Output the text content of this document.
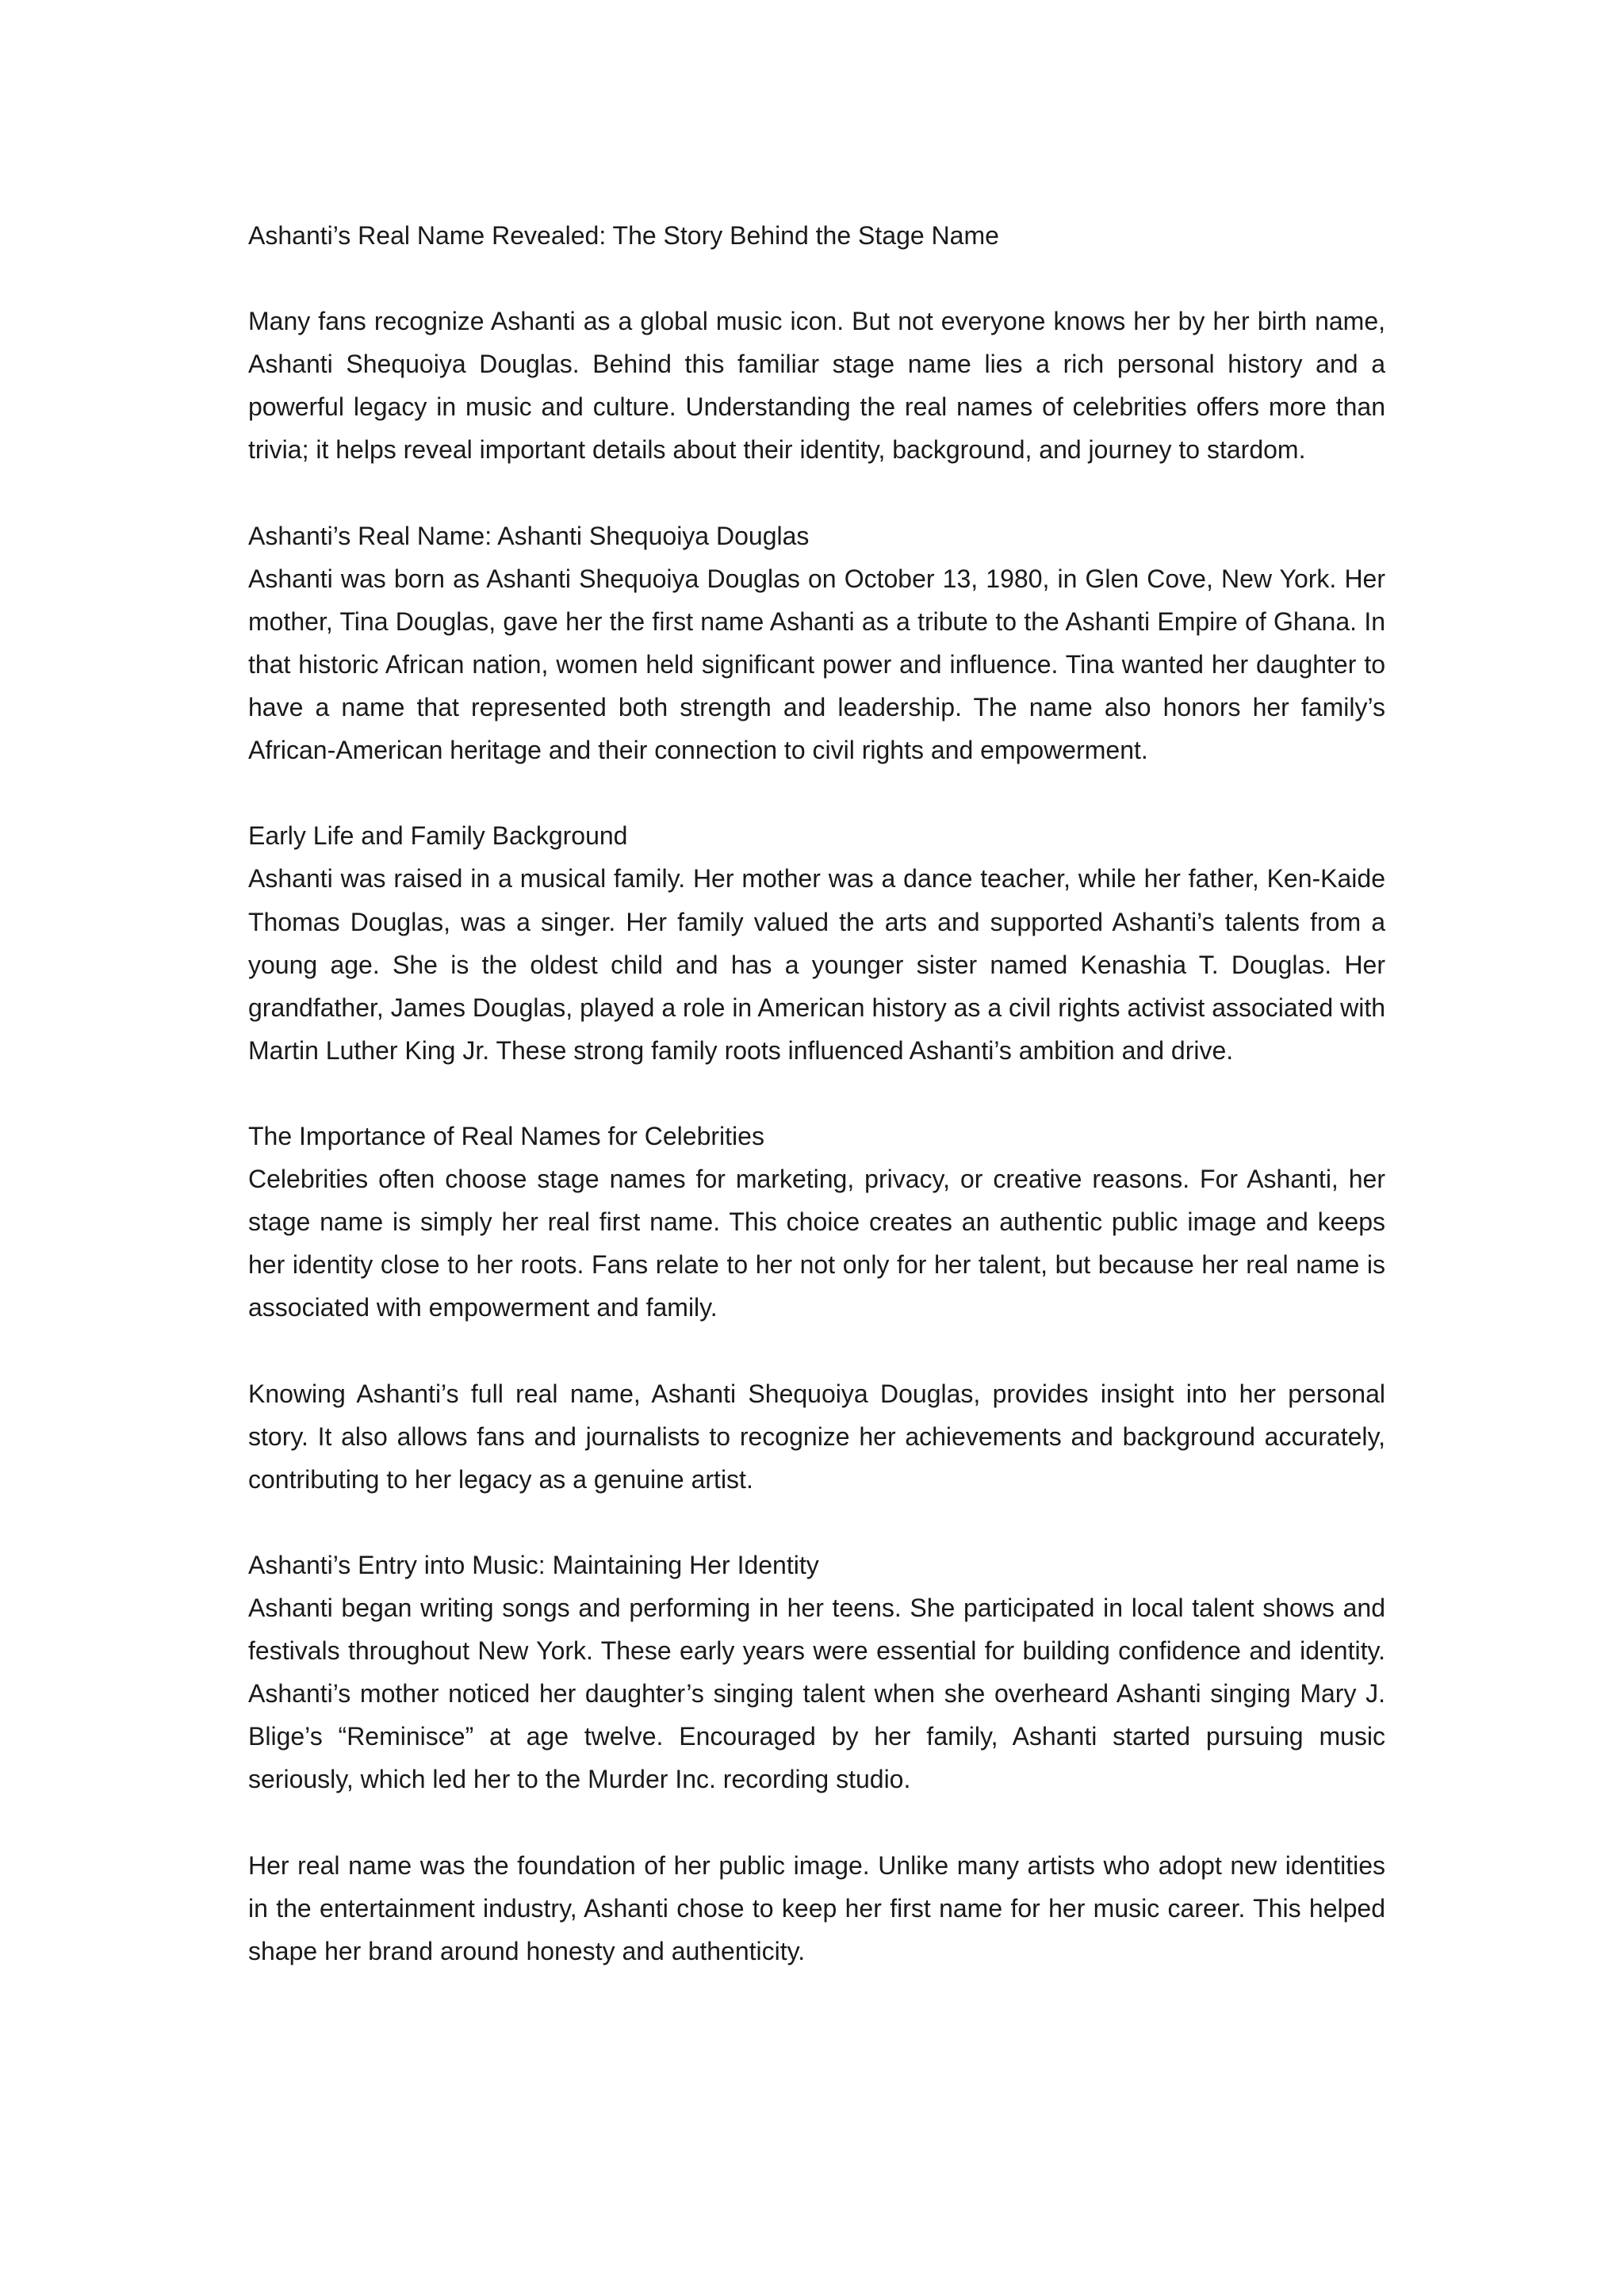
Ashanti’s Real Name Revealed: The Story Behind the Stage Name

Many fans recognize Ashanti as a global music icon. But not everyone knows her by her birth name, Ashanti Shequoiya Douglas. Behind this familiar stage name lies a rich personal history and a powerful legacy in music and culture. Understanding the real names of celebrities offers more than trivia; it helps reveal important details about their identity, background, and journey to stardom.

Ashanti’s Real Name: Ashanti Shequoiya Douglas

Ashanti was born as Ashanti Shequoiya Douglas on October 13, 1980, in Glen Cove, New York. Her mother, Tina Douglas, gave her the first name Ashanti as a tribute to the Ashanti Empire of Ghana. In that historic African nation, women held significant power and influence. Tina wanted her daughter to have a name that represented both strength and leadership. The name also honors her family’s African-American heritage and their connection to civil rights and empowerment.

Early Life and Family Background

Ashanti was raised in a musical family. Her mother was a dance teacher, while her father, Ken-Kaide Thomas Douglas, was a singer. Her family valued the arts and supported Ashanti’s talents from a young age. She is the oldest child and has a younger sister named Kenashia T. Douglas. Her grandfather, James Douglas, played a role in American history as a civil rights activist associated with Martin Luther King Jr. These strong family roots influenced Ashanti’s ambition and drive.

The Importance of Real Names for Celebrities

Celebrities often choose stage names for marketing, privacy, or creative reasons. For Ashanti, her stage name is simply her real first name. This choice creates an authentic public image and keeps her identity close to her roots. Fans relate to her not only for her talent, but because her real name is associated with empowerment and family.

Knowing Ashanti’s full real name, Ashanti Shequoiya Douglas, provides insight into her personal story. It also allows fans and journalists to recognize her achievements and background accurately, contributing to her legacy as a genuine artist.

Ashanti’s Entry into Music: Maintaining Her Identity

Ashanti began writing songs and performing in her teens. She participated in local talent shows and festivals throughout New York. These early years were essential for building confidence and identity. Ashanti’s mother noticed her daughter’s singing talent when she overheard Ashanti singing Mary J. Blige’s “Reminisce” at age twelve. Encouraged by her family, Ashanti started pursuing music seriously, which led her to the Murder Inc. recording studio.

Her real name was the foundation of her public image. Unlike many artists who adopt new identities in the entertainment industry, Ashanti chose to keep her first name for her music career. This helped shape her brand around honesty and authenticity.
